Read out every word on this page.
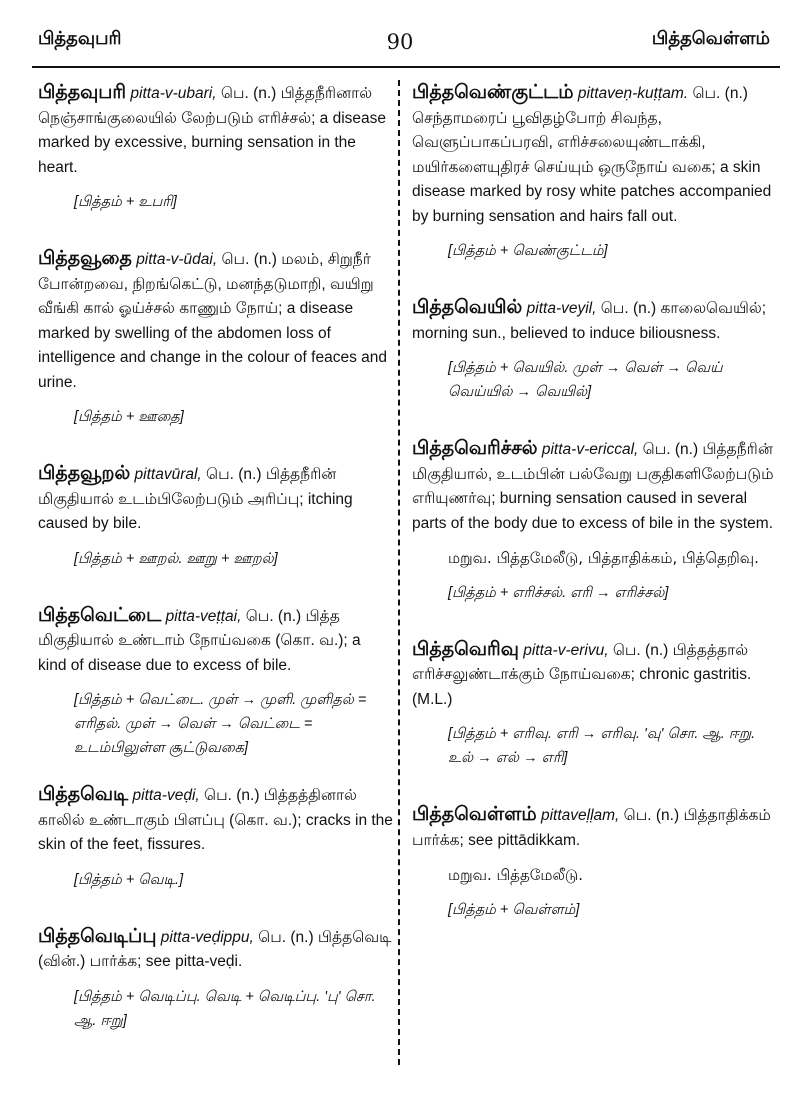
பித்தவுபரி	90	பித்தவெள்ளம்
பித்தவுபரி pitta-v-ubari, பெ. (n.) பித்தநீரினால் நெஞ்சாங்குலையில் லேற்படும் எரிச்சல்; a disease marked by excessive, burning sensation in the heart.
[பித்தம் + உபரி]
பித்தவூதை pitta-v-ūdai, பெ. (n.) மலம், சிறுநீர் போன்றவை, நிறங்கெட்டு, மனந்தடுமாறி, வயிறு வீங்கி கால் ஓய்ச்சல் காணும் நோய்; a disease marked by swelling of the abdomen loss of intelligence and change in the colour of feaces and urine.
[பித்தம் + ஊதை]
பித்தவூறல் pittavūral, பெ. (n.) பித்தநீரின் மிகுதியால் உடம்பிலேற்படும் அரிப்பு; itching caused by bile.
[பித்தம் + ஊறல். ஊறு + ஊறல்]
பித்தவெட்டை pitta-veṭṭai, பெ. (n.) பித்த மிகுதியால் உண்டாம் நோய்வகை (கொ. வ.); a kind of disease due to excess of bile.
[பித்தம் + வெட்டை. முள் → முளி. முளிதல் = எரிதல். முள் → வெள் → வெட்டை = உடம்பிலுள்ள சூட்டுவகை]
பித்தவெடி pitta-veḍi, பெ. (n.) பித்தத்தினால் காலில் உண்டாகும் பிளப்பு (கொ. வ.); cracks in the skin of the feet, fissures.
[பித்தம் + வெடி.]
பித்தவெடிப்பு pitta-veḍippu, பெ. (n.) பித்தவெடி (வின்.) பார்க்க; see pitta-veḍi.
[பித்தம் + வெடிப்பு. வெடி + வெடிப்பு. 'பு' சொ. ஆ. ஈறு]
பித்தவெண்குட்டம் pittaveṇ-kuṭṭam. பெ. (n.) செந்தாமரைப் பூவிதழ்போற் சிவந்த, வெளுப்பாகப்பரவி, எரிச்சலையுண்டாக்கி, மயிர்களையுதிரச் செய்யும் ஒருநோய் வகை; a skin disease marked by rosy white patches accompanied by burning sensation and hairs fall out.
[பித்தம் + வெண்குட்டம்]
பித்தவெயில் pitta-veyil, பெ. (n.) காலைவெயில்; morning sun., believed to induce biliousness.
[பித்தம் + வெயில். முள் → வெள் → வெய் வெய்யில் → வெயில்]
பித்தவெரிச்சல் pitta-v-ericcal, பெ. (n.) பித்தநீரின் மிகுதியால், உடம்பின் பல்வேறு பகுதிகளிலேற்படும் எரியுணர்வு; burning sensation caused in several parts of the body due to excess of bile in the system.
மறுவ. பித்தமேலீடு, பித்தாதிக்கம், பித்தெறிவு.
[பித்தம் + எரிச்சல். எரி → எரிச்சல்]
பித்தவெரிவு pitta-v-erivu, பெ. (n.) பித்தத்தால் எரிச்சலுண்டாக்கும் நோய்வகை; chronic gastritis. (M.L.)
[பித்தம் + எரிவு. எரி → எரிவு. 'வு' சொ. ஆ. ஈறு. உல் → எல் → எரி]
பித்தவெள்ளம் pittaveḷḷam, பெ. (n.) பித்தாதிக்கம் பார்க்க; see pittādikkam.
மறுவ. பித்தமேலீடு.
[பித்தம் + வெள்ளம்]
